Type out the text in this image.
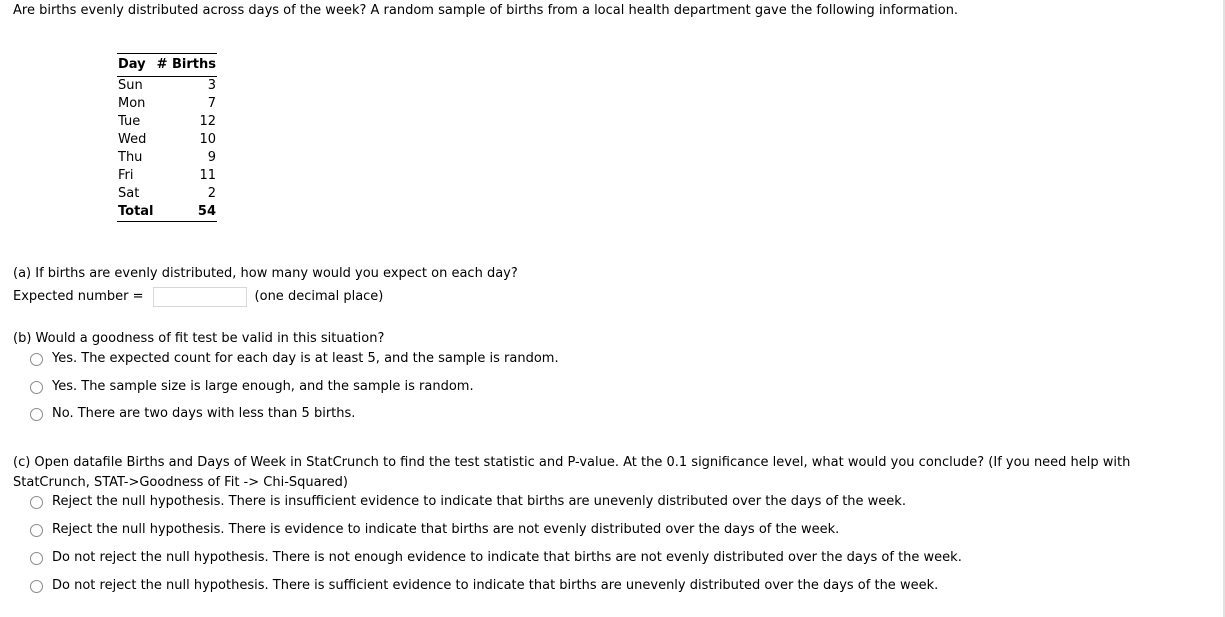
Are births evenly distributed across days of the week? A random sample of births from a local health department gave the following information.
Day	# Births
Sun	3
Mon	7
Tue	12
Wed	10
Thu	9
Fri	11
Sat	2
Total	54
(a) If births are evenly distributed, how many would you expect on each day?
Expected number =	(one decimal place)
(b) Would a goodness of fit test be valid in this situation?
Yes. The expected count for each day is at least 5, and the sample is random.
Yes. The sample size is large enough, and the sample is random.
No. There are two days with less than 5 births.
(c) Open datafile Births and Days of Week in StatCrunch to find the test statistic and P-value. At the 0.1 significance level, what would you conclude? (If you need help with StatCrunch, STAT->Goodness of Fit -> Chi-Squared)
Reject the null hypothesis. There is insufficient evidence to indicate that births are unevenly distributed over the days of the week.
Reject the null hypothesis. There is evidence to indicate that births are not evenly distributed over the days of the week.
Do not reject the null hypothesis. There is not enough evidence to indicate that births are not evenly distributed over the days of the week.
Do not reject the null hypothesis. There is sufficient evidence to indicate that births are unevenly distributed over the days of the week.
